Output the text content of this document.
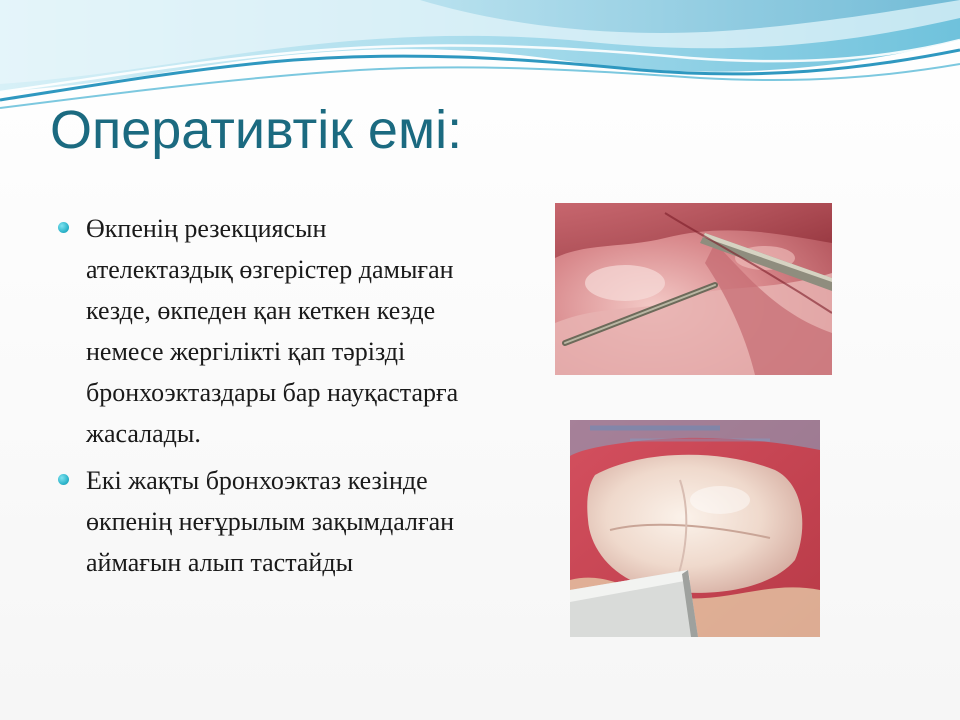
Оперативтік емі:
Өкпенің резекциясын ателектаздық өзгерістер дамыған кезде, өкпеден қан кеткен кезде немесе жергілікті қап тәрізді бронхоэктаздары бар науқастарға жасалады.
Екі жақты бронхоэктаз кезінде өкпенің неғұрылым зақымдалған аймағын алып тастайды
